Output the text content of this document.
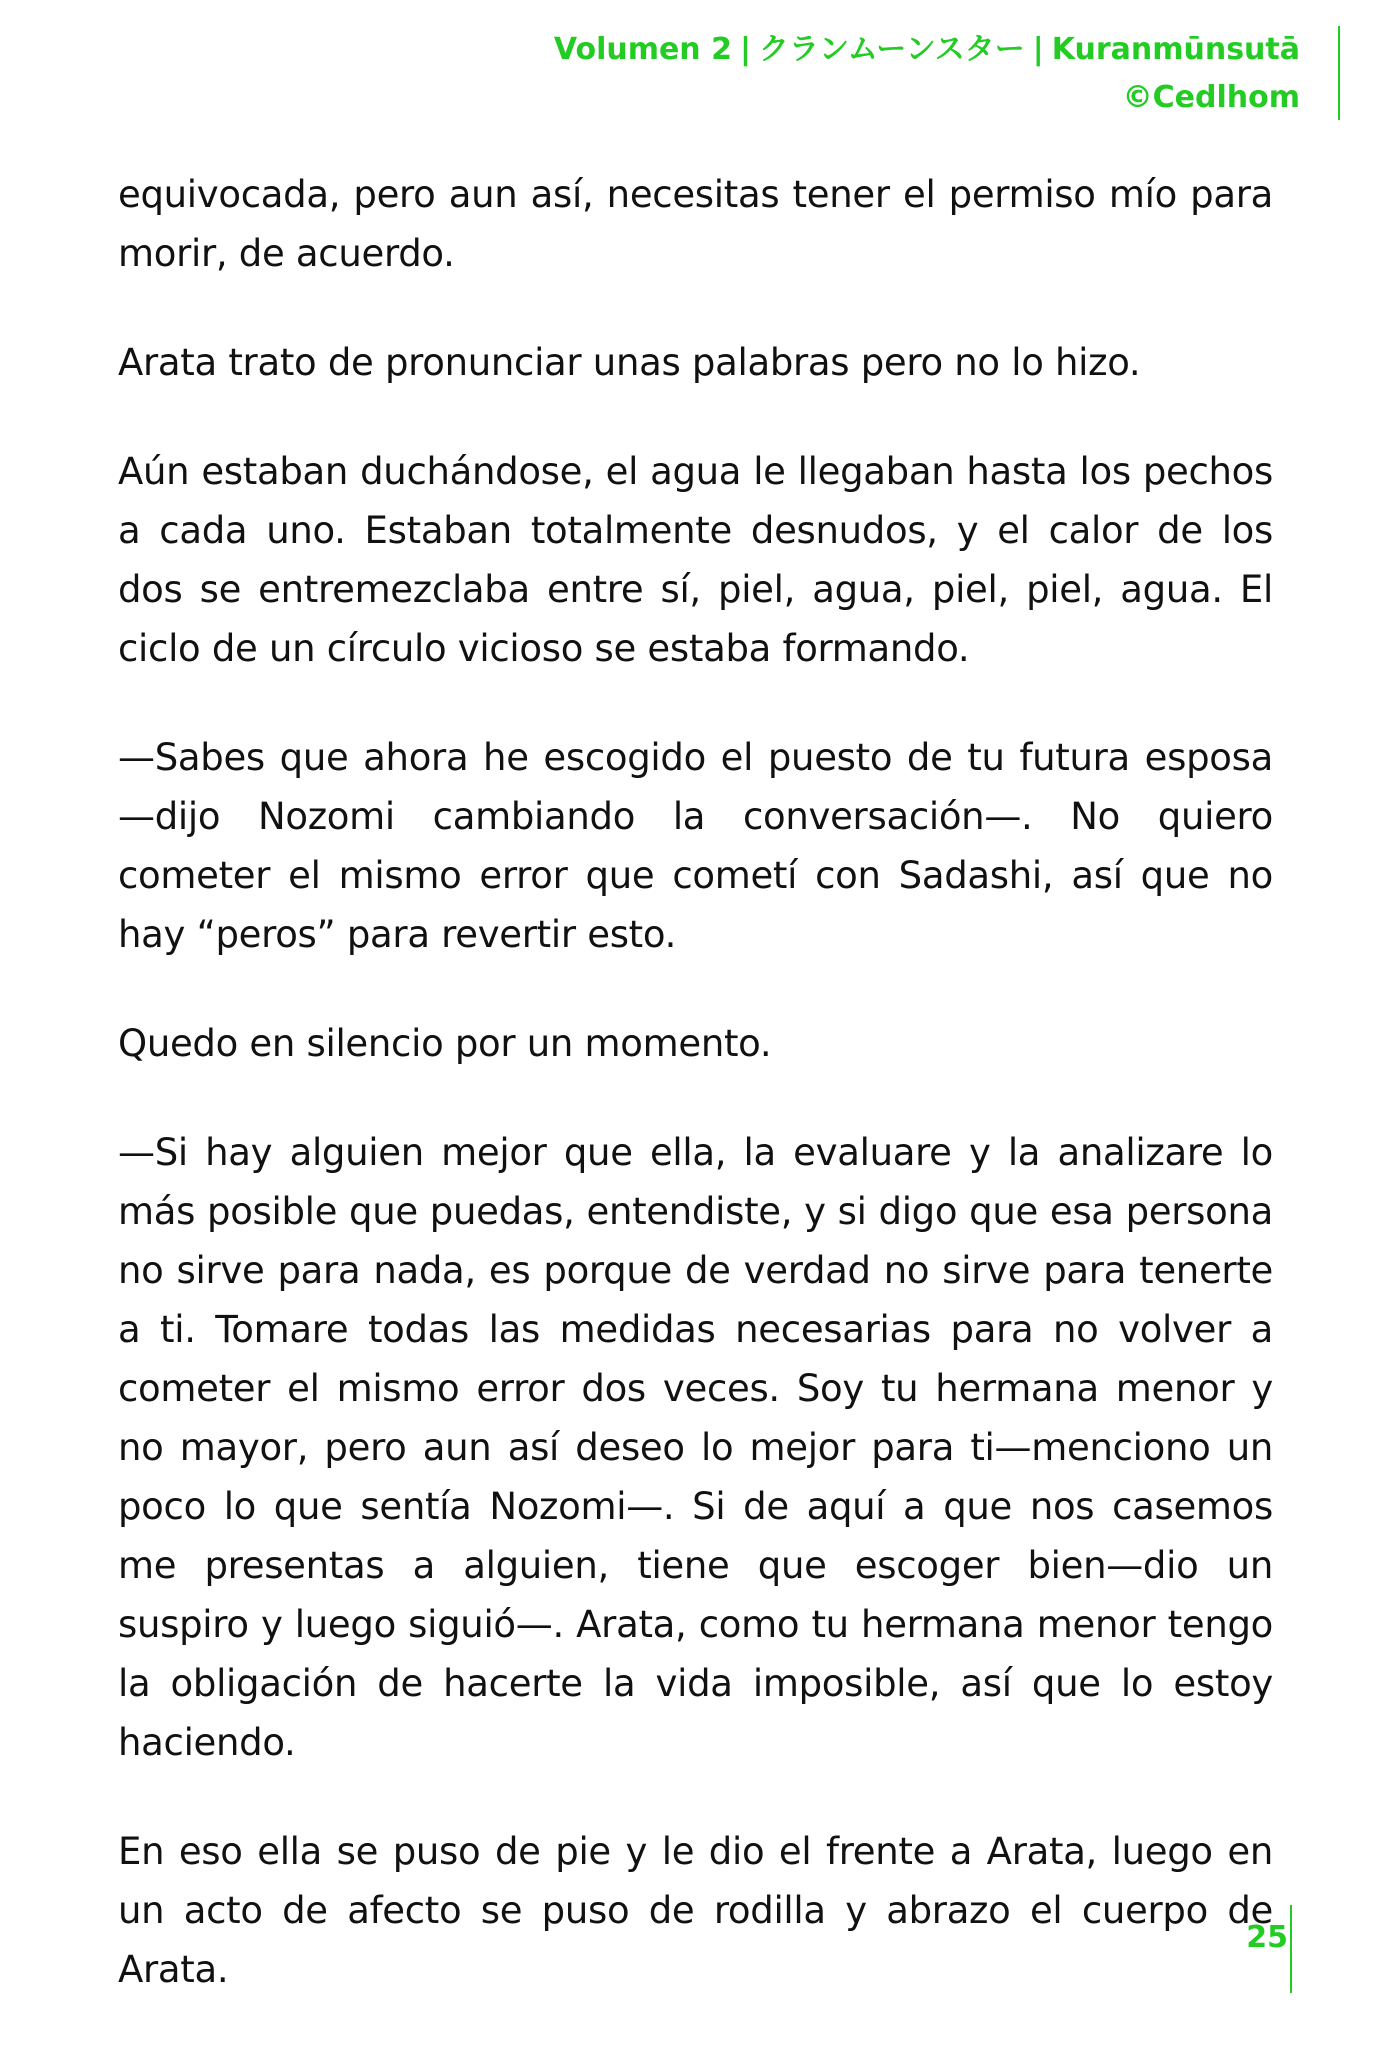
Volumen 2 | クランムーンスター | Kuranmūnsutā
©Cedlhom

equivocada, pero aun así, necesitas tener el permiso mío para morir, de acuerdo.

Arata trato de pronunciar unas palabras pero no lo hizo.

Aún estaban duchándose, el agua le llegaban hasta los pechos a cada uno. Estaban totalmente desnudos, y el calor de los dos se entremezclaba entre sí, piel, agua, piel, piel, agua. El ciclo de un círculo vicioso se estaba formando.

—Sabes que ahora he escogido el puesto de tu futura esposa—dijo Nozomi cambiando la conversación—. No quiero cometer el mismo error que cometí con Sadashi, así que no hay “peros” para revertir esto.

Quedo en silencio por un momento.

—Si hay alguien mejor que ella, la evaluare y la analizare lo más posible que puedas, entendiste, y si digo que esa persona no sirve para nada, es porque de verdad no sirve para tenerte a ti. Tomare todas las medidas necesarias para no volver a cometer el mismo error dos veces. Soy tu hermana menor y no mayor, pero aun así deseo lo mejor para ti—menciono un poco lo que sentía Nozomi—. Si de aquí a que nos casemos me presentas a alguien, tiene que escoger bien—dio un suspiro y luego siguió—. Arata, como tu hermana menor tengo la obligación de hacerte la vida imposible, así que lo estoy haciendo.

En eso ella se puso de pie y le dio el frente a Arata, luego en un acto de afecto se puso de rodilla y abrazo el cuerpo de Arata.

25
